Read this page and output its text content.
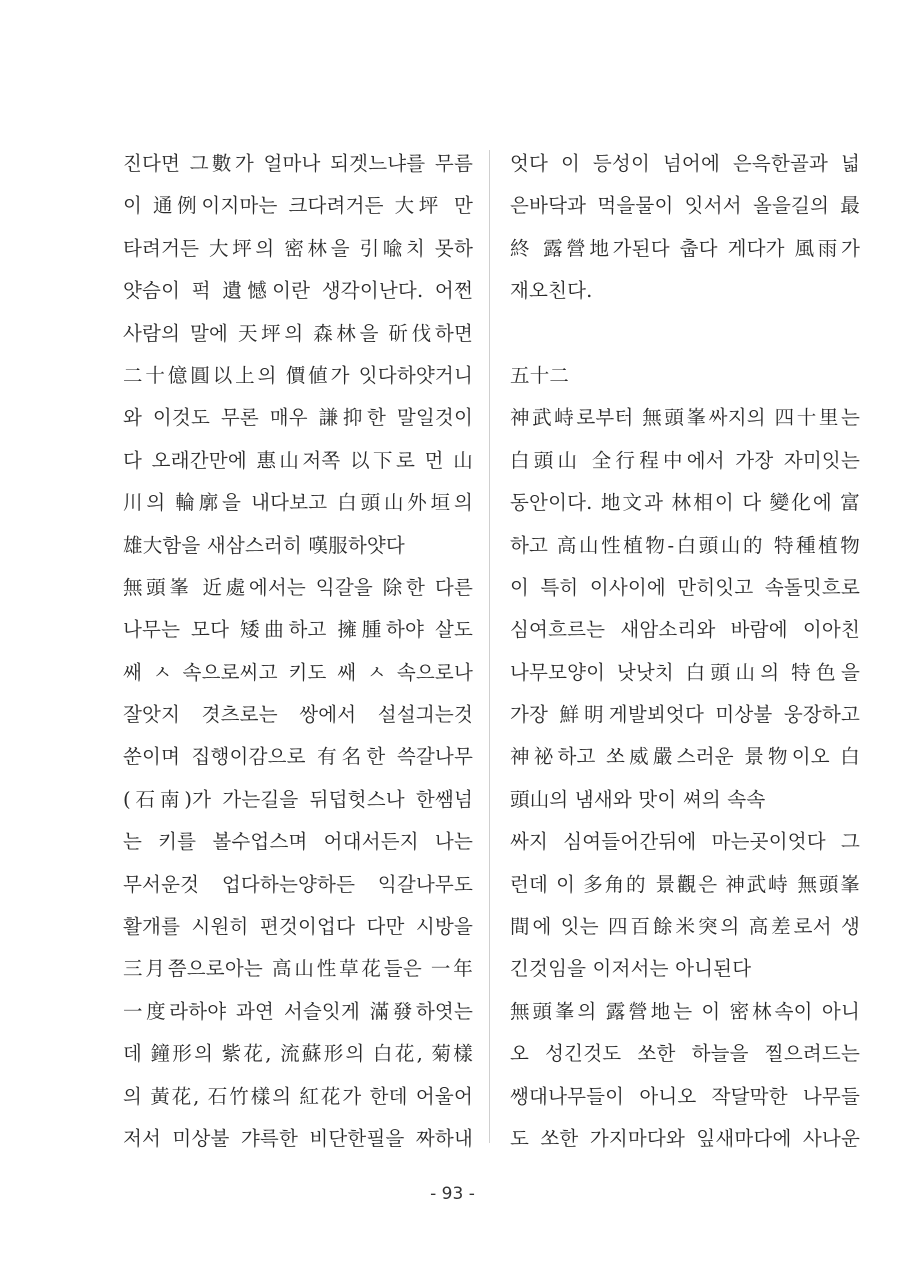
진다면 그數가 얼마나 되겟느냐를 무름
이 通例이지마는 크다려거든 大坪 만
타려거든 大坪의 密林을 引喩치 못하
얏슴이 퍽 遺憾이란 생각이난다. 어쩐
사람의 말에 天坪의 森林을 斫伐하면
二十億圓以上의 價値가 잇다하얏거니
와 이것도 무론 매우 謙抑한 말일것이
다 오래간만에 惠山저쪽 以下로 먼 山
川의 輪廓을 내다보고 白頭山外垣의
雄大함을 새삼스러히 嘆服하얏다
無頭峯 近處에서는 익갈을 除한 다른
나무는 모다 矮曲하고 擁腫하야 살도
쌔 ㅅ 속으로씨고 키도 쌔 ㅅ 속으로나
잘앗지 겻츠로는 쌍에서 설설긔는것
쑨이며 집행이감으로 有名한 쓱갈나무
(石南)가 가는길을 뒤덥헛스나 한쌤넘
는 키를 볼수업스며 어대서든지 나는
무서운것 업다하는양하든 익갈나무도
활개를 시원히 편것이업다 다만 시방을
三月쯤으로아는 高山性草花들은 一年
一度라하야 과연 서슬잇게 滿發하엿는
데 鐘形의 紫花, 流蘇形의 白花, 菊樣
의 黃花, 石竹樣의 紅花가 한데 어울어
저서 미상불 갸륵한 비단한필을 짜하내
엇다 이 등성이 넘어에 은윽한골과 넓
은바닥과 먹을물이 잇서서 올을길의 最
終 露營地가된다 춥다 게다가 風雨가
재오친다.
五十二
神武峙로부터 無頭峯싸지의 四十里는
白頭山 全行程中에서 가장 자미잇는
동안이다. 地文과 林相이 다 變化에 富
하고 高山性植物-白頭山的 特種植物
이 특히 이사이에 만히잇고 속돌밋흐로
심여흐르는 새암소리와 바람에 이아친
나무모양이 낫낫치 白頭山의 特色을
가장 鮮明게발뵈엇다 미상불 웅장하고
神祕하고 쏘威嚴스러운 景物이오 白
頭山의 냄새와 맛이 쎠의 속속
싸지 심여들어간뒤에 마는곳이엇다 그
런데 이 多角的 景觀은 神武峙 無頭峯
間에 잇는 四百餘米突의 高差로서 생
긴것임을 이저서는 아니된다
無頭峯의 露營地는 이 密林속이 아니
오 성긴것도 쏘한 하늘을 찔으려드는
쌩대나무들이 아니오 작달막한 나무들
도 쏘한 가지마다와 잎새마다에 사나운
- 93 -
